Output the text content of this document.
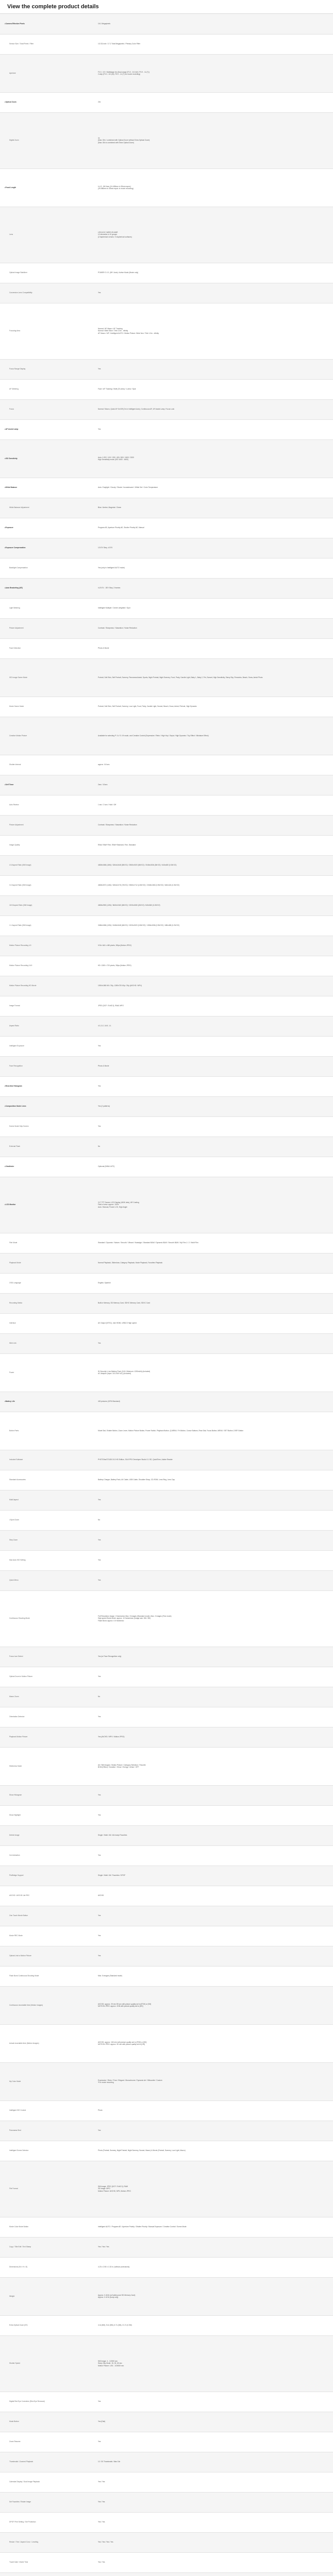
View the complete product details
▸ Camera Effective Pixels	16.1 Megapixels
Sensor Size / Total Pixels / Filter	1/2.33-inch / 17.2 Total Megapixels / Primary Color Filter
Aperture	F3.3 - 5.9 / Multistage iris (Dual-range (F3.3 - 8.0 (W) / F5.9 - 14 (T))
2-step (F3.3 - 8.0 (W), F5.9 - 14 (T) for movie recording)
▸ Optical Zoom	20x
Digital Zoom	4x
(Max. 80x / combined with Optical Zoom without Extra Optical Zoom)
(Max. 80x is combined with Extra Optical Zoom)
▸ Focal Length	f=4.3 - 86.0mm (24-480mm in 35mm equiv.)
(29-580mm in 35mm equiv. in movie recording)
Lens	LEICA DC VARIO-ELMAR
12 elements in 10 groups
(2 Aspherical Lenses / 3 Aspherical surfaces)
Optical Image Stabilizer	POWER O.I.S. (Off / Auto) / Active Mode (Movie only)
Conversion Lens Compatibility	Yes
Focusing Area	Normal / AF Macro / AF Tracking
Normal: Wide 50cm / Tele 2.0m - infinity
AF Macro / MF / Intelligent AUTO / Motion Picture: Wide 3cm / Tele 1.0m - infinity
Focus Range Display	Yes
AF Metering	Face / AF Tracking / Multi (23-area) / 1-area / Spot
Focus	Normal / Macro, Quick AF On/Off (On in Intelligent Auto), Continuous AF, AF Assist Lamp, Focus Lock
▸ AF Assist Lamp	Yes
▸ ISO Sensitivity	Auto / i.ISO / 100 / 200 / 400 / 800 / 1600 / 3200
High Sensitivity mode (ISO 1600 - 6400)
▸ White Balance	Auto / Daylight / Cloudy / Shade / Incandescent / White Set / Color Temperature
White Balance Adjustment	Blue / Amber, Magenta / Green
▸ Exposure	Program AE, Aperture Priority AE, Shutter Priority AE, Manual
▸ Exposure Compensation	1/3 EV Step, ±3 EV
Backlight Compensation	Yes (only in Intelligent AUTO mode)
▸ Auto Bracketing (AE)	±1/3 EV - 3EV Step, 3 frames
Light Metering	Intelligent Multiple / Center weighted / Spot
Picture Adjustment	Contrast / Sharpness / Saturation / Noise Reduction
Face Detection	Photo & Movie
iSO Image Scene Mode	Portrait, Soft Skin, Self Portrait, Scenery, Panorama Assist, Sports, Night Portrait, Night Scenery, Food, Party, Candle Light, Baby 1, Baby 2, Pet, Sunset, High Sensitivity, Starry Sky, Fireworks, Beach, Snow, Aerial Photo
Movie Scene Mode	Portrait, Soft Skin, Self Portrait, Scenery, Low Light, Food, Party, Candle Light, Sunset, Beach, Snow, Aerial, Pinhole, High Dynamic
Creative Motion Picture	Available for selecting P / A / S / M mode, and Creative Control (Expressive / Retro / High Key / Sepia / High Dynamic / Toy Effect / Miniature Effect)
Shutter Interval	approx. 0.8 sec
▸ Self Timer	2sec / 10sec
Auto Review	1 sec / 2 sec / Hold / Off
Picture Adjustment	Contrast / Sharpness / Saturation / Noise Reduction
Image Quality	RAW, RAW+Fine, RAW+Standard, Fine, Standard
4:3 Aspect Ratio (Still Image)	4608x3456 (16M) / 3264x2448 (8M EZ) / 2560x1920 (5M EZ) / 2048x1536 (3M EZ) / 640x480 (0.3M EZ)
3:2 Aspect Ratio (Still Image)	4608x3072 (14M) / 3264x2176 (7M EZ) / 2560x1712 (4.5M EZ) / 2048x1360 (2.5M EZ) / 640x424 (0.3M EZ)
16:9 Aspect Ratio (Still Image)	4608x2592 (12M) / 3840x2160 (8M EZ) / 1920x1080 (2M EZ) / 640x360 (0.2M EZ)
1:1 Aspect Ratio (Still Image)	3456x3456 (12M) / 2448x2448 (6M EZ) / 1920x1920 (3.5M EZ) / 1536x1536 (2.5M EZ) / 480x480 (0.2M EZ)
Motion Picture Recording 4:3	VGA: 640 x 480 pixels, 30fps (Motion JPEG)
Motion Picture Recording 16:9	HD: 1280 x 720 pixels, 30fps (Motion JPEG)
Motion Picture Recording HD Movie	1920x1080 60i / 30p, 1280x720 60p / 30p (AVCHD / MP4)
Image Format	JPEG (DCF / Exif2.3), RAW, MPO
Aspect Ratio	4:3, 3:2, 16:9, 1:1
Intelligent Exposure	Yes
Face Recognition	Photo & Movie
▸ Real-time Histogram	Yes
▸ Composition Guide Lines	Yes (2 patterns)
Scene Mode Help Screen	Yes
External Flash	No
▸ Viewfinder	Optional (DMW-LVF2)
▸ LCD Monitor	3.0" TFT Screen LCD Display (460K dots), AR Coating
Field of view: approx. 100%
Auto / Manual, Power LCD, High Angle
Film Mode	Standard / Dynamic / Nature / Smooth / Vibrant / Nostalgic / Standard B&W / Dynamic B&W / Smooth B&W / My Film 1 / 2 / Multi Film
Playback Mode	Normal Playback, Slideshow, Category Playback, Mode Playback, Favorites Playback
OSD Language	English, Spanish
Recording Media	Built-in Memory, SD Memory Card, SDHC Memory Card, SDXC Card
Interface	AV Output (NTSC), mini HDMI, USB2.0 High speed
Web Link	Yes
Power	ID-Security Li-ion Battery Pack (3.6V, Minimum: 1250mAh) (Included)
AC Adaptor (Input: 110-240V AC) (Included)
▸ Battery Life	400 pictures (CIPA Standard)
Button Parts	Mode Dial, Shutter Button, Zoom Lever, Motion Picture Button, Power Switch, Playback Button, Q.MENU / Fn Button, Cursor Buttons, Rear Dial, Focus Button, MENU / SET Button, DISP. Button
Included Software	PHOTOfunSTUDIO 8.3 HD Edition, SILKYPIX Developer Studio 3.1 SE, QuickTime, Adobe Reader
Standard Accessories	Battery Charger, Battery Pack, AV Cable, USB Cable, Shoulder Strap, CD-ROM, Lens Ring, Lens Cap
Multi Aspect	Yes
i-Sport Zoom	No
Step Zoom	Yes
Max Auto ISO Setting	Yes
Quick Menu	Yes
Continuous Shooting Mode	Full Resolution Image: 2 frames/sec Max. 5 images (Standard mode), Max. 3 images (Fine mode)
High-speed Burst Mode: approx. 10 frames/sec (Image size: 5M / 3M)
Flash Burst: approx. 0.5 frame/sec
Focus Icon Detect	Yes (w/ Face Recognition only)
Optical Zoom in Motion Picture	Yes
Macro Zoom	No
Orientation Detector	Yes
Playback Motion Picture	Yes (AVCHD / MP4 / Motion JPEG)
Slideshow Mode	All / Still Images / Motion Picture / Category Selection / Favorite
BGM (Effect) / Duration / Show / Energy / Urban / OFF
Show Histogram	Yes
Show Highlight	Yes
Delete Image	Single / Multi / All / All except Favorites
Cut Animation	Yes
PictBridge Support	Single / Multi / All / Favorites / DPOF
AVCHD / AVCHD Lite REC	AVCHD
One Touch Movie Button	Yes
Movie REC Mode	Yes
Optical Link to Motion Picture	Yes
Flash Burst Continuous Shooting Mode	Max. 5 images (Standard mode)
Continuous recordable time (Motion Images)	AVCHD: approx. 29 min 59 sec with picture quality set to [FSH] or [SH]
MOTION JPEG: approx. 2GB with picture quality set to [HD]
Actual recordable time (Motion Images)	AVCHD: approx. 160 min with picture quality set to [FSH] or [SH]
MOTION JPEG: approx. 90 min with picture quality set to [HD]
My Color Mode	Expressive / Retro / Pure / Elegant / Monochrome / Dynamic Art / Silhouette / Custom
*For movie recording
Intelligent ISO Control	Photo
Panorama Shot	Yes
Intelligent Scene Selector	Photo (Portrait, Scenery, Night Portrait, Night Scenery, Sunset, Macro) & Movie (Portrait, Scenery, Low Light, Macro)
File Format	Still Image: JPEG (DCF / Exif2.3), RAW
3D Image: MPO
Motion Picture: AVCHD, MP4, Motion JPEG
Movie Color Mode Button	Intelligent AUTO / Program AE / Aperture Priority / Shutter Priority / Manual Exposure / Creative Control / Scene Mode
Copy / Title Edit / Text Stamp	Yes / Yes / Yes
Dimensions (W x H x D)	4.23 x 2.50 x 1.33 in. (without protrusions)
Weight	Approx. 0.46 lb (w/ battery and SD Memory Card)
Approx. 0.42 lb (body only)
Extra Optical Zoom (EZ)	4.4x (8M), 5.4x (5M), 6.7x (3M), 21.7x (0.3M)
Shutter Speed	Still Image: 4 - 1/2000 sec
Starry Sky Mode: 15, 30, 60 sec
Motion Picture: 1/30 - 1/20000 sec
Digital Red Eye Correction (Red-Eye Removal)	Yes
Mode Button	Yes (Dial)
Zoom Resume	Yes
Thumbnails / Zoomed Playback	12 / 30 Thumbnails / Max 16x
Calendar Display / Dual Image Playback	Yes / Yes
Set Favorites / Rotate Image	Yes / Yes
DPOF Print Setting / Set Protection	Yes / Yes
Resize / Trim / Aspect Conv. / Leveling	Yes / Yes / Yes / Yes
Travel Date / World Time	Yes / Yes
